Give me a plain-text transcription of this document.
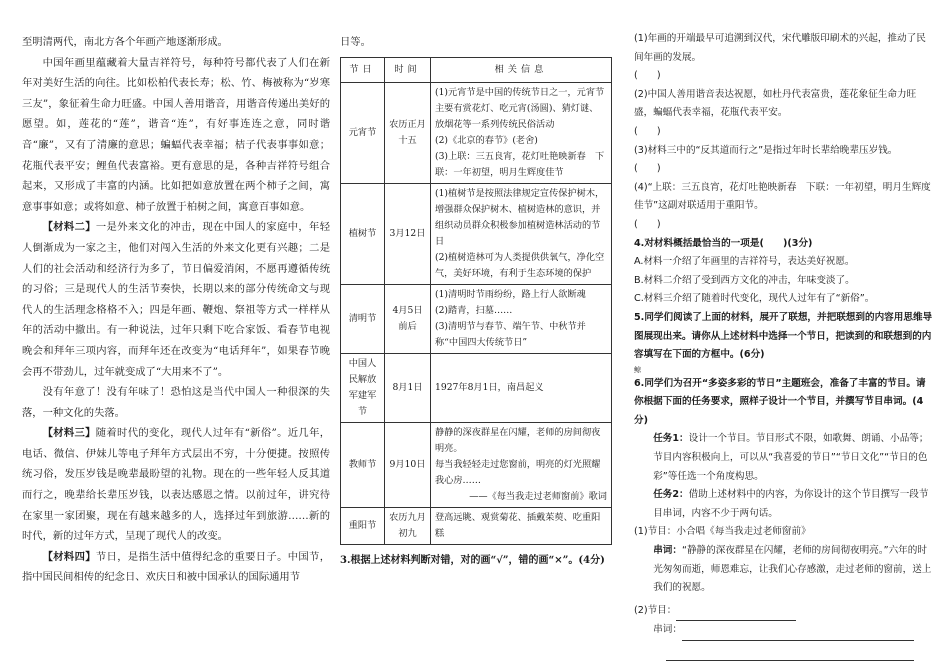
至明清两代，南北方各个年画产地逐渐形成。

中国年画里蕴藏着大量吉祥符号，每种符号都代表了人们在新年对美好生活的向往。比如松柏代表长寿；松、竹、梅被称为“岁寒三友”，象征着生命力旺盛。中国人善用谐音，用谐音传递出美好的愿望。如，莲花的“莲”，谐音“连”，有好事连连之意，同时谐音“廉”，又有了清廉的意思；蝙蝠代表幸福；桔子代表事事如意；花瓶代表平安；鲤鱼代表富裕。更有意思的是，各种吉祥符号组合起来，又形成了丰富的内涵。比如把如意放置在两个柿子之间，寓意事事如意；或将如意、柿子放置于柏树之间，寓意百事如意。

【材料二】一是外来文化的冲击，现在中国人的家庭中，年轻人倒渐成为一家之主，他们对闯入生活的外来文化更有兴趣；二是人们的社会活动和经济行为多了，节日偏爱消闲，不愿再遵循传统的习俗；三是现代人的生活节奏快，长期以来的部分传统命文与现代人的生活理念格格不入；四是年画、鞭炮、祭祖等方式一样样从年的活动中撤出。有一种说法，过年只剩下吃合家饭、看春节电视晚会和拜年三项内容，而拜年还在改变为“电话拜年”，如果春节晚会再不带劲儿，过年就变成了“大用来不了”。

没有年意了！没有年味了！恐怕这是当代中国人一种很深的失落，一种文化的失落。

【材料三】随着时代的变化，现代人过年有“新俗”。近几年，电话、微信、伊妹儿等电子拜年方式层出不穷，十分便捷。按照传统习俗，发压岁钱是晚辈最盼望的礼物。现在的一些年轻人反其道而行之，晚辈给长辈压岁钱，以表达感恩之情。以前过年，讲究待在家里一家团聚，现在有越来越多的人，选择过年到旅游……新的时代，新的过年方式，呈现了现代人的改变。

【材料四】节日，是指生活中值得纪念的重要日子。中国节，指中国民间相传的纪念日、欢庆日和被中国承认的国际通用节

日等。

节日	时间	相关信息
元宵节	农历正月十五	(1)元宵节是中国的传统节日之一，元宵节主要有赏花灯、吃元宵(汤圆)、猜灯谜、放烟花等一系列传统民俗活动
(2)《北京的春节》(老舍)
(3)上联：三五良宵，花灯吐艳映新春　下联：一年初望，明月生辉度佳节

植树节	3月12日	(1)植树节是按照法律规定宣传保护树木，增强群众保护树木、植树造林的意识，并组织动员群众积极参加植树造林活动的节日
(2)植树造林可为人类提供供氧气，净化空气，美好环境，有利于生态环境的保护

清明节	4月5日前后	(1)清明时节雨纷纷，路上行人欲断魂
(2)踏青，扫墓……
(3)清明节与春节、端午节、中秋节并称“中国四大传统节日”

中国人民解放军建军节	8月1日	1927年8月1日，南昌起义

教师节	9月10日	静静的深夜群星在闪耀，老师的房间彻夜明亮。
每当我轻轻走过您窗前，明亮的灯光照耀我心房……
——《每当我走过老师窗前》歌词

重阳节	农历九月初九	登高远眺、观赏菊花、插戴茱萸、吃重阳糕

3.根据上述材料判断对错，对的画“√”，错的画“×”。(4分)

(1)年画的开端最早可追溯到汉代，宋代雕版印刷术的兴起，推动了民间年画的发展。

(　　)

(2)中国人善用谐音表达祝愿，如杜丹代表富贵，莲花象征生命力旺盛，蝙蝠代表幸福，花瓶代表平安。

(　　)

(3)材料三中的“反其道而行之”是指过年时长辈给晚辈压岁钱。

(　　)

(4)“上联：三五良宵，花灯吐艳映新春　下联：一年初望，明月生辉度佳节”这副对联适用于重阳节。

(　　)

4.对材料概括最恰当的一项是(　　)(3分)

A.材料一介绍了年画里的吉祥符号，表达美好祝愿。

B.材料二介绍了受到西方文化的冲击，年味变淡了。

C.材料三介绍了随着时代变化，现代人过年有了“新俗”。

5.同学们阅读了上面的材料，展开了联想，并把联想到的内容用思维导图展现出来。请你从上述材料中选择一个节日，把读到的和联想到的内容填写在下面的方框中。(6分)

鲸

6.同学们为召开“多姿多彩的节日”主题班会，准备了丰富的节目。请你根据下面的任务要求，照样子设计一个节目，并撰写节目串词。(4分)

任务1：设计一个节目。节目形式不限，如歌舞、朗诵、小品等；节目内容积极向上，可以从“我喜爱的节日”“节日文化”“节日的色彩”等任选一个角度构思。

任务2：借助上述材料中的内容，为你设计的这个节目撰写一段节目串词，内容不少于两句话。

(1)节目：小合唱《每当我走过老师窗前》

串词：“静静的深夜群星在闪耀，老师的房间彻夜明亮。”六年的时光匆匆而逝，师恩难忘，让我们心存感激，走过老师的窗前，送上我们的祝愿。

(2)节目：

串词：
